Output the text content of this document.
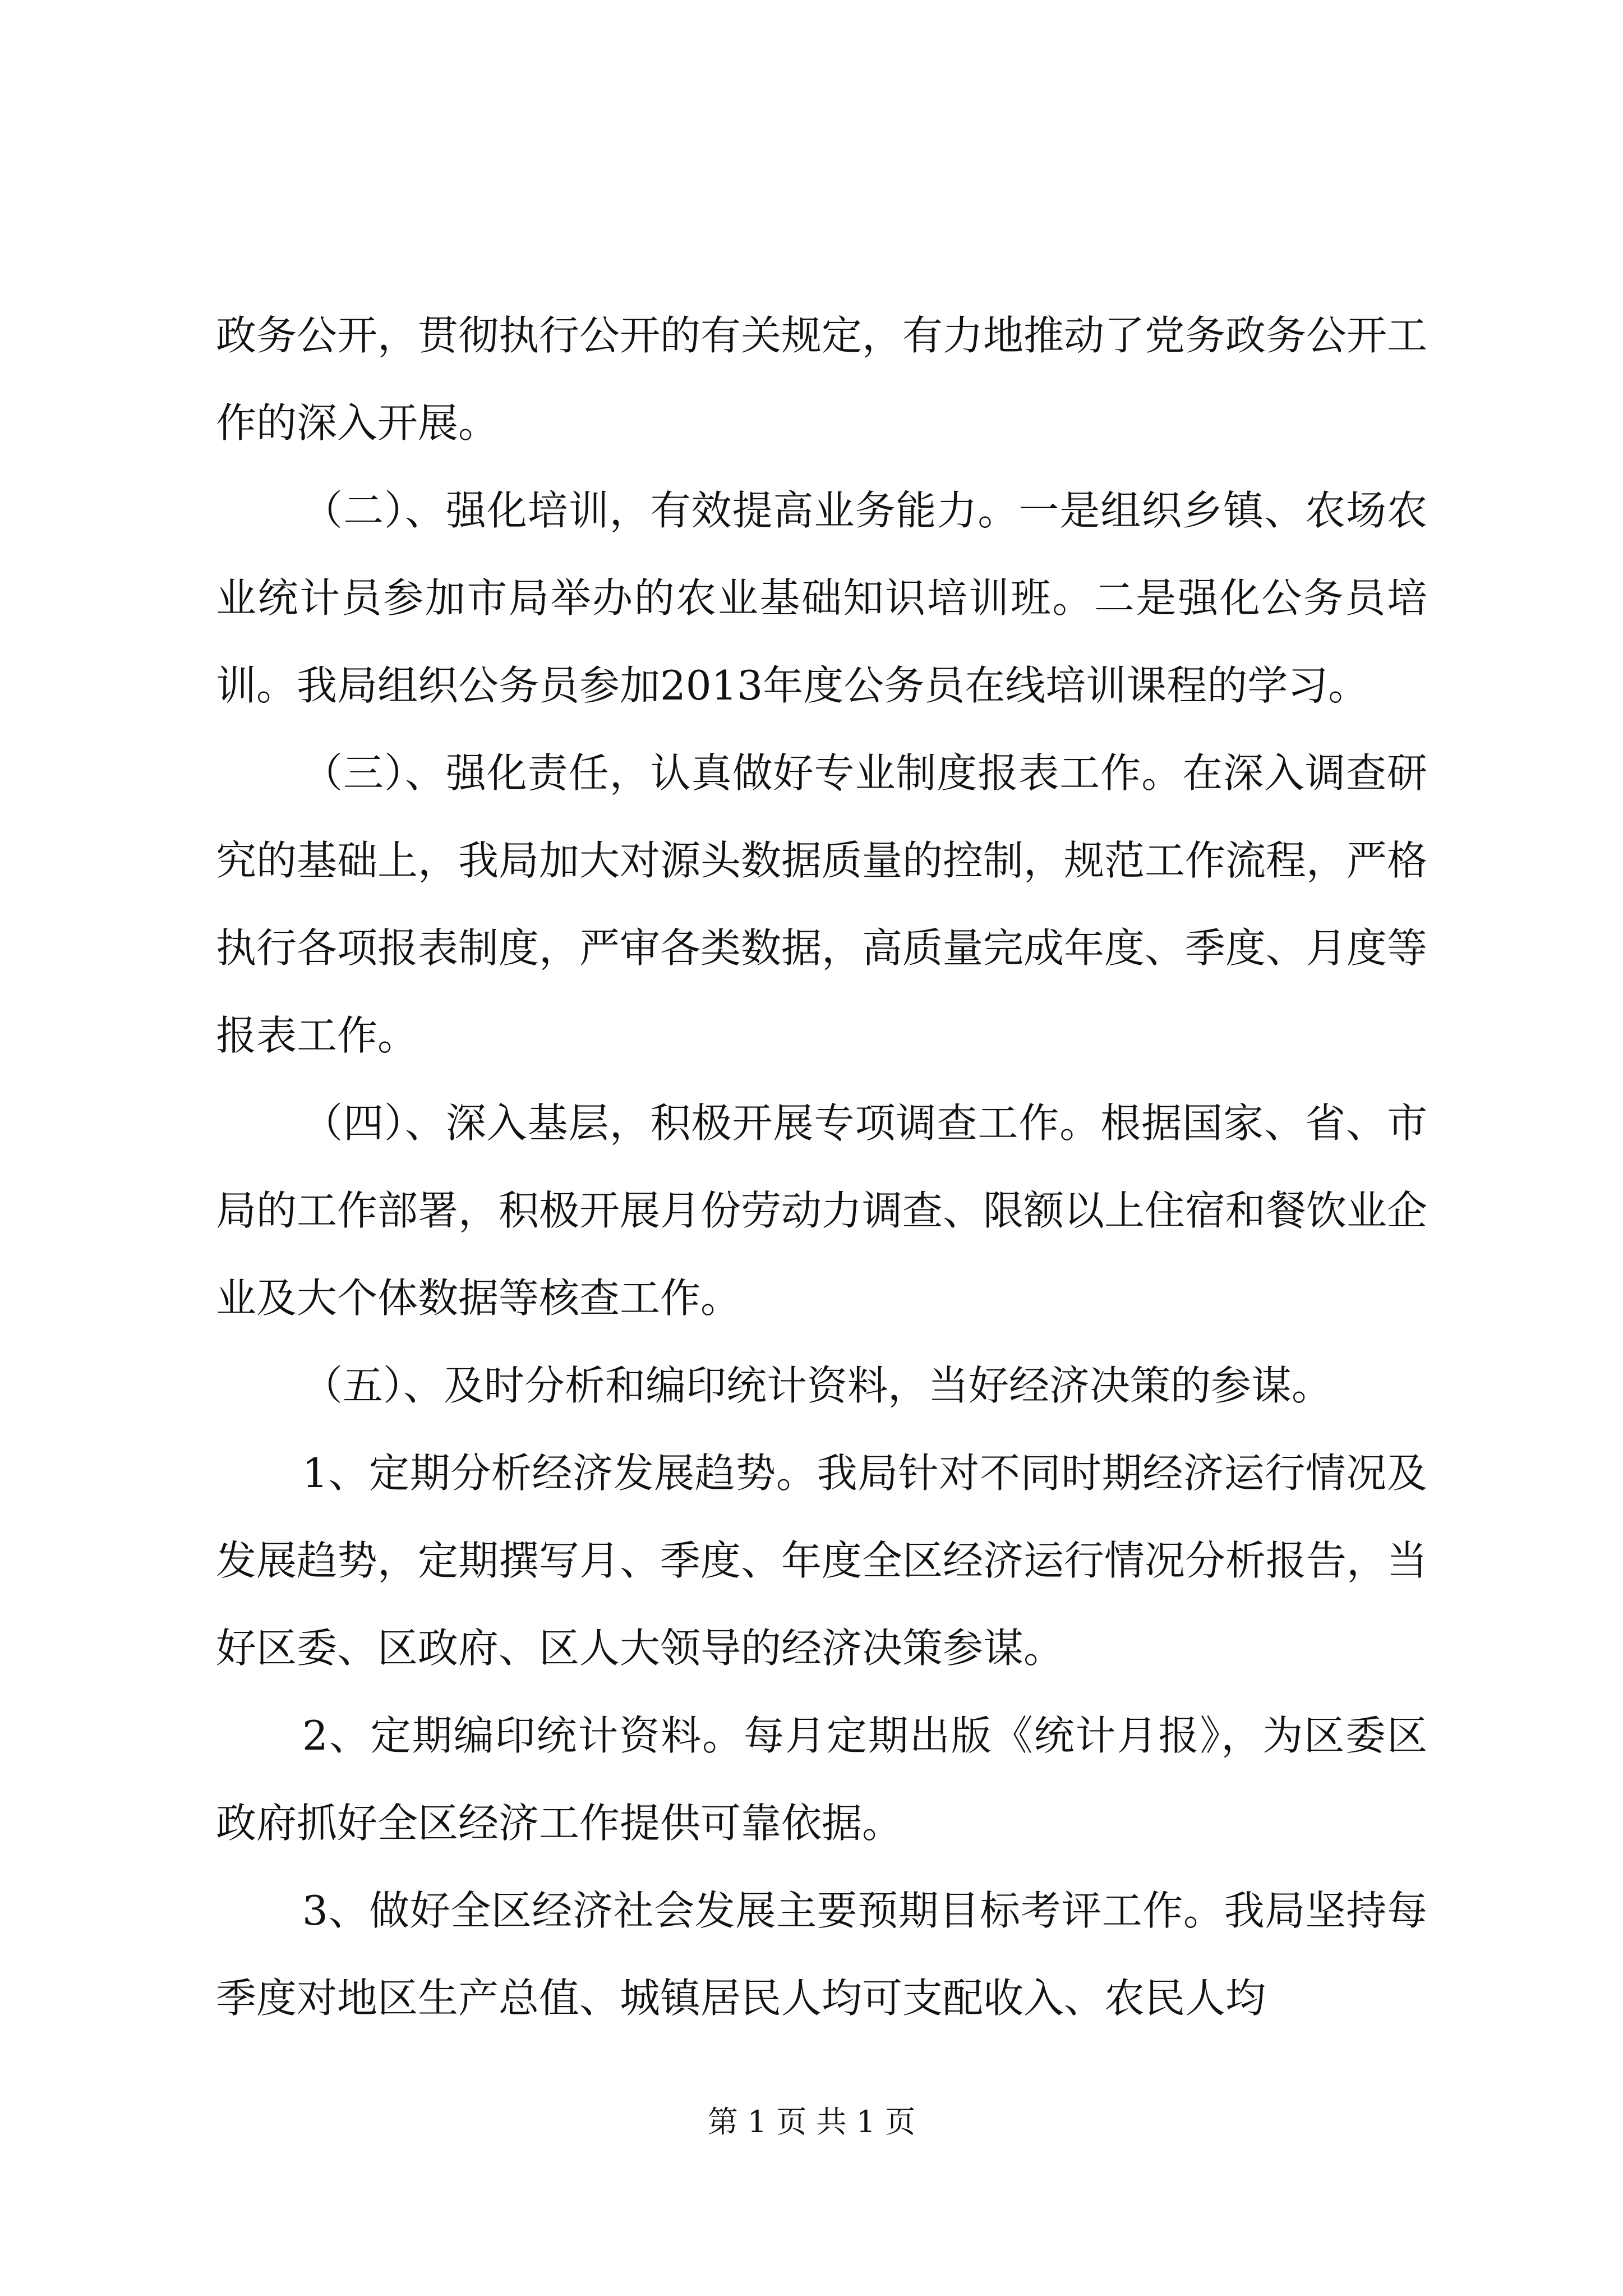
政务公开，贯彻执行公开的有关规定，有力地推动了党务政务公开工作的深入开展。

（二）、强化培训，有效提高业务能力。一是组织乡镇、农场农业统计员参加市局举办的农业基础知识培训班。二是强化公务员培训。我局组织公务员参加2013年度公务员在线培训课程的学习。

（三）、强化责任，认真做好专业制度报表工作。在深入调查研究的基础上，我局加大对源头数据质量的控制，规范工作流程，严格执行各项报表制度，严审各类数据，高质量完成年度、季度、月度等报表工作。

（四）、深入基层，积极开展专项调查工作。根据国家、省、市局的工作部署，积极开展月份劳动力调查、限额以上住宿和餐饮业企业及大个体数据等核查工作。

（五）、及时分析和编印统计资料，当好经济决策的参谋。

1、定期分析经济发展趋势。我局针对不同时期经济运行情况及发展趋势，定期撰写月、季度、年度全区经济运行情况分析报告，当好区委、区政府、区人大领导的经济决策参谋。

2、定期编印统计资料。每月定期出版《统计月报》，为区委区政府抓好全区经济工作提供可靠依据。

3、做好全区经济社会发展主要预期目标考评工作。我局坚持每季度对地区生产总值、城镇居民人均可支配收入、农民人均

第 1 页 共 1 页
